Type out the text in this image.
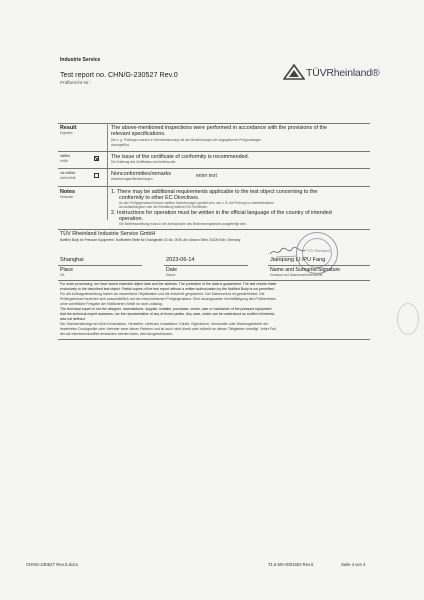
Industrie Service
Test report no. CHN/G-230527 Rev.0
Prüfbericht-Nr.:
TÜVRheinland®
Result
Ergebnis
The above-mentioned inspections were performed in accordance with the provisions of the
relevant specifications.
Die o. g. Prüfungen wurden in Übereinstimmung mit den Bestimmungen der angegebenen Prüfgrundlagen
durchgeführt.
fulfilled
erfüllt
The issue of the certificate of conformity is recommended.
Die Erteilung des Zertifikates wird befürwortet.
not fulfilled
nicht erfüllt
Nonconformities/remarks
Abweichungen/Bemerkungen	enter text
Notes
Hinweise:
1. There may be additional requirements applicable to the test object concerning to the
conformity to other EC Directives.
An den Prüfgegenstand können weitere Anforderungen gestellt sein, wie z. B. die Prüfung vor Inbetriebnahme
am Aufstellungsort oder die Einhaltung weiterer EG-Richtlinien.
2. Instructions for operation must be written in the official language of the country of intended
operation.
Die Betriebsanleitung muss in der Amtssprache des Bestimmungslandes ausgefertigt sein.
TÜV Rheinland Industrie Service GmbH
Notified Body for Pressure Equipment / Notifizierte Stelle für Druckgeräte, ID-No. 0035, Am Grauen Stein, 51105 Köln, Germany
TÜV Rheinland
Shanghai	2023-06-14	Jianqiang LI /PU Fang
Place
Ort
Date
Datum
Name and Surname/Signature
Vorname und Nachname/Unterschrift
For order processing, we have stored essential object data and the address. The protection of the data is guaranteed. The test results relate
exclusively to the described test object. Partial copies of the test report without a written authorization by the Notified Body is not permitted.
Für die Auftragsabwicklung haben wir wesentliche Objektdaten und die Anschrift gespeichert. Der Datenschutz ist gewährleistet. Die
Prüfergebnisse beziehen sich ausschließlich auf den beschriebenen Prüfgegenstand. Eine auszugsweise Vervielfältigung des Prüfberichtes
ohne schriftliche Freigabe der Notifizierten Stelle ist nicht zulässig.
The technical expert is not the designer, manufacturer, supplier, installer, purchaser, owner, user or maintainer of the pressure equipment
that the technical expert assesses, nor the representative of any of those parties. Any case, which can be understood as conflict of interest,
was not defined.
Der Sachverständige ist nicht Konstrukteur, Hersteller, Lieferant, Installateur, Käufer, Eigentümer, Verwender oder Wartungsbetrieb der
bewerteten Druckgeräte oder Vertreter einer dieser Parteien und ist auch nicht direkt oder indirekt an diesen Tätigkeiten beteiligt. Jeder Fall,
der als Interessenkonflikt verstanden werden kann, wird ausgeschlossen.
CHNG-230527 Rev.0.docx	T1.6 MS-0001602 Rev.6	Seite 4 von 4
